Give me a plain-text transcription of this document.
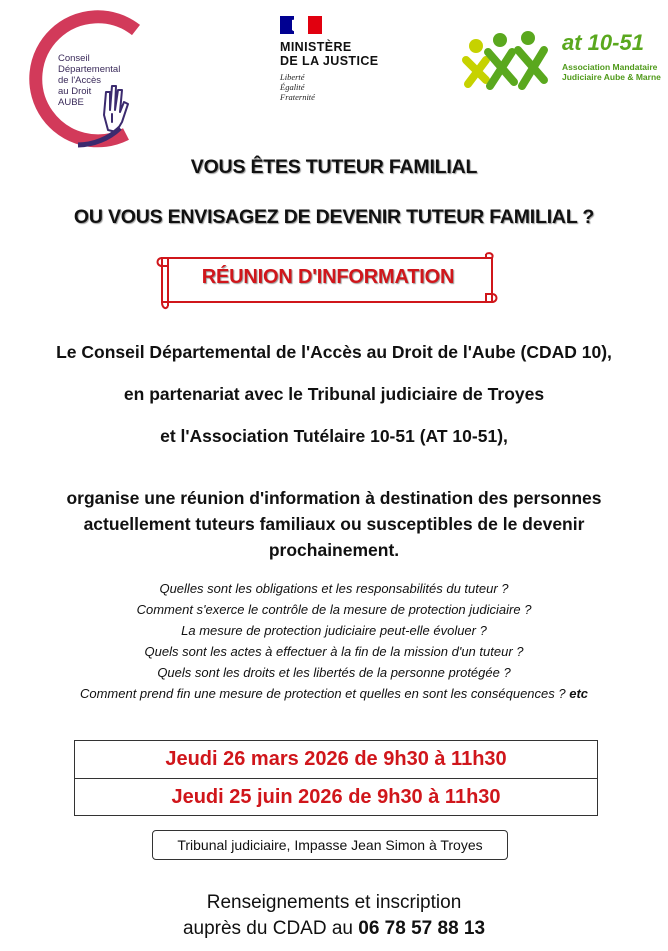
Conseil
Départemental
de l'Accès
au Droit
AUBE
MINISTÈRE
DE LA JUSTICE
Liberté
Égalité
Fraternité
at 10-51
Association Mandataire
Judiciaire Aube & Marne
VOUS ÊTES TUTEUR FAMILIAL
OU VOUS ENVISAGEZ DE DEVENIR TUTEUR FAMILIAL ?
RÉUNION D'INFORMATION
Le Conseil Départemental de l'Accès au Droit de l'Aube (CDAD 10),
en partenariat avec le Tribunal judiciaire de Troyes
et l'Association Tutélaire 10-51 (AT 10-51),
organise une réunion d'information à destination des personnes
actuellement tuteurs familiaux ou susceptibles de le devenir
prochainement.
Quelles sont les obligations et les responsabilités du tuteur ?
Comment s'exerce le contrôle de la mesure de protection judiciaire ?
La mesure de protection judiciaire peut-elle évoluer ?
Quels sont les actes à effectuer à la fin de la mission d'un tuteur ?
Quels sont les droits et les libertés de la personne protégée ?
Comment prend fin une mesure de protection et quelles en sont les conséquences ? etc
Jeudi 26 mars 2026 de 9h30 à 11h30
Jeudi 25 juin 2026 de 9h30 à 11h30
Tribunal judiciaire, Impasse Jean Simon à Troyes
Renseignements et inscription
auprès du CDAD au 06 78 57 88 13
